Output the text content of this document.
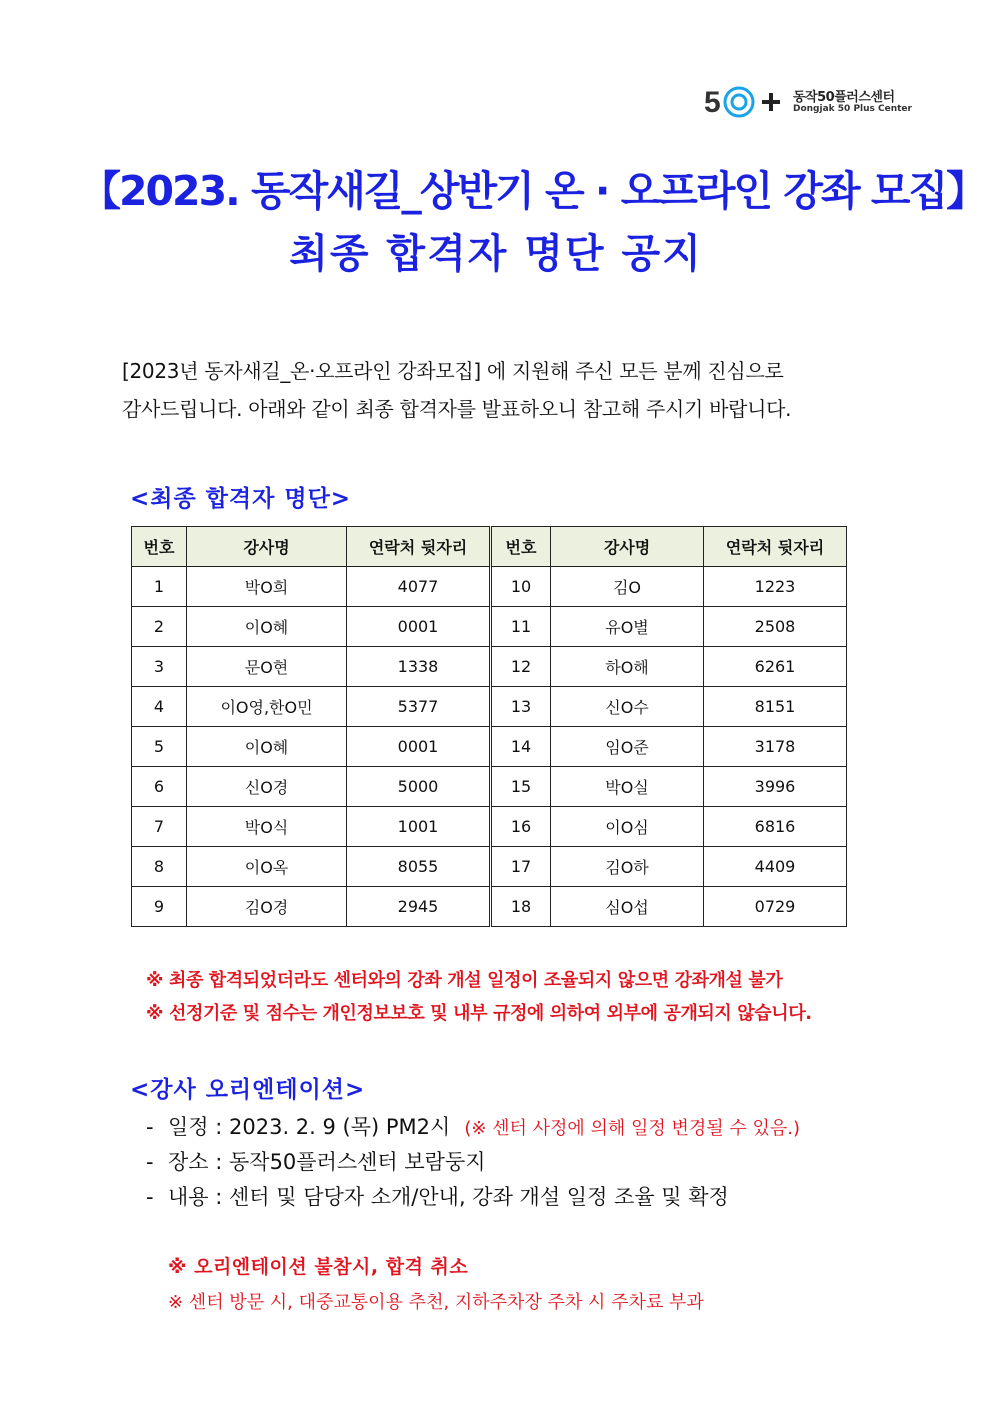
5	동작50플러스센터
Dongjak 50 Plus Center
【2023. 동작새길_상반기 온 · 오프라인 강좌 모집】
최종 합격자 명단 공지

[2023년 동자새길_온·오프라인 강좌모집] 에 지원해 주신 모든 분께 진심으로

감사드립니다. 아래와 같이 최종 합격자를 발표하오니 참고해 주시기 바랍니다.

<최종 합격자 명단>
번호	강사명	연락처 뒷자리	번호	강사명	연락처 뒷자리
1	박O희	4077	10	김O	1223
2	이O혜	0001	11	유O별	2508
3	문O현	1338	12	하O해	6261
4	이O영,한O민	5377	13	신O수	8151
5	이O혜	0001	14	임O준	3178
6	신O경	5000	15	박O실	3996
7	박O식	1001	16	이O심	6816
8	이O옥	8055	17	김O하	4409
9	김O경	2945	18	심O섭	0729
※ 최종 합격되었더라도 센터와의 강좌 개설 일정이 조율되지 않으면 강좌개설 불가
※ 선정기준 및 점수는 개인정보보호 및 내부 규정에 의하여 외부에 공개되지 않습니다.
<강사 오리엔테이션>
- 일정 : 2023. 2. 9 (목) PM2시 (※ 센터 사정에 의해 일정 변경될 수 있음.)
- 장소 : 동작50플러스센터 보람둥지
- 내용 : 센터 및 담당자 소개/안내, 강좌 개설 일정 조율 및 확정
※ 오리엔테이션 불참시, 합격 취소
※ 센터 방문 시, 대중교통이용 추천, 지하주차장 주차 시 주차료 부과
